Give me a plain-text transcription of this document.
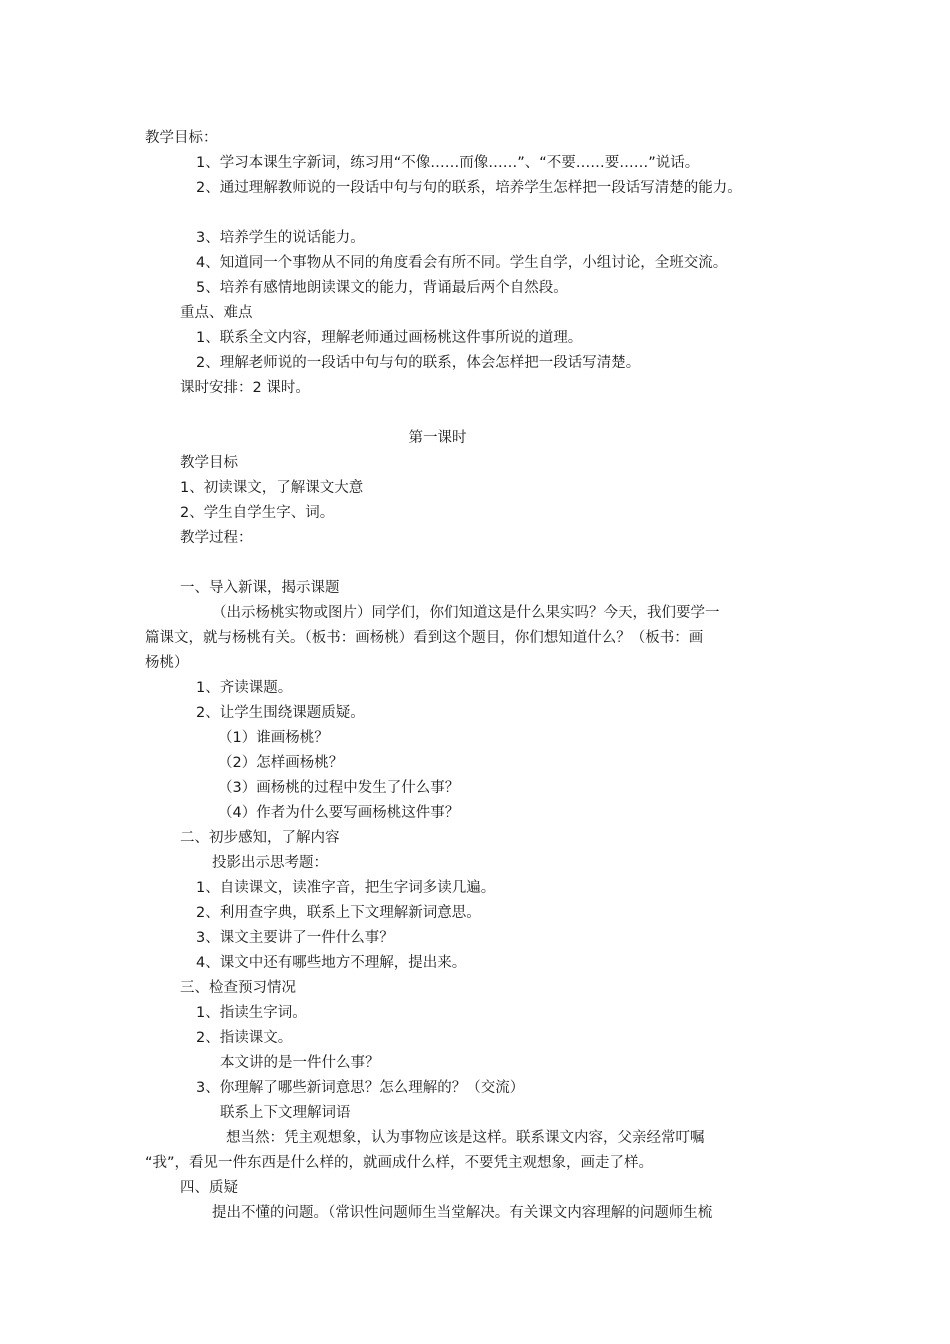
教学目标：
1、学习本课生字新词，练习用“不像……而像……”、“不要……要……”说话。
2、通过理解教师说的一段话中句与句的联系，培养学生怎样把一段话写清楚的能力。
3、培养学生的说话能力。
4、知道同一个事物从不同的角度看会有所不同。学生自学，小组讨论，全班交流。
5、培养有感情地朗读课文的能力，背诵最后两个自然段。
重点、难点
1、联系全文内容，理解老师通过画杨桃这件事所说的道理。
2、理解老师说的一段话中句与句的联系，体会怎样把一段话写清楚。
课时安排：2 课时。
第一课时
教学目标
1、初读课文，了解课文大意
2、学生自学生字、词。
教学过程：
一、导入新课，揭示课题
（出示杨桃实物或图片）同学们，你们知道这是什么果实吗？今天，我们要学一
篇课文，就与杨桃有关。（板书：画杨桃）看到这个题目，你们想知道什么？（板书：画
杨桃）
1、齐读课题。
2、让学生围绕课题质疑。
（1）谁画杨桃？
（2）怎样画杨桃？
（3）画杨桃的过程中发生了什么事？
（4）作者为什么要写画杨桃这件事？
二、初步感知，了解内容
投影出示思考题：
1、自读课文，读准字音，把生字词多读几遍。
2、利用查字典，联系上下文理解新词意思。
3、课文主要讲了一件什么事？
4、课文中还有哪些地方不理解，提出来。
三、检查预习情况
1、指读生字词。
2、指读课文。
本文讲的是一件什么事？
3、你理解了哪些新词意思？怎么理解的？（交流）
联系上下文理解词语
想当然：凭主观想象，认为事物应该是这样。联系课文内容，父亲经常叮嘱
“我”，看见一件东西是什么样的，就画成什么样，不要凭主观想象，画走了样。
四、质疑
提出不懂的问题。（常识性问题师生当堂解决。有关课文内容理解的问题师生梳
